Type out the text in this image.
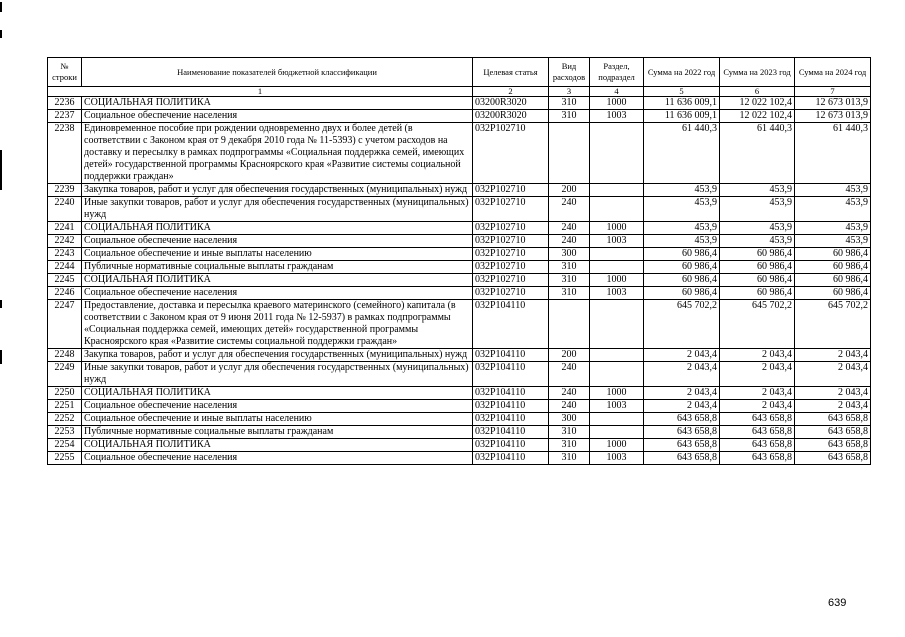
№ строки	Наименование показателей бюджетной классификации	Целевая статья	Вид расходов	Раздел, подраздел	Сумма на 2022 год	Сумма на 2023 год	Сумма на 2024 год
1		2	3	4	5	6	7
2236	СОЦИАЛЬНАЯ ПОЛИТИКА	03200R3020	310	1000	11 636 009,1	12 022 102,4	12 673 013,9
2237	Социальное обеспечение населения	03200R3020	310	1003	11 636 009,1	12 022 102,4	12 673 013,9
2238	Единовременное пособие при рождении одновременно двух и более детей (в соответствии с Законом края от 9 декабря 2010 года № 11-5393) с учетом расходов на доставку и пересылку в рамках подпрограммы «Социальная поддержка семей, имеющих детей» государственной программы Красноярского края «Развитие системы социальной поддержки граждан»	032P102710			61 440,3	61 440,3	61 440,3
2239	Закупка товаров, работ и услуг для обеспечения государственных (муниципальных) нужд	032P102710	200		453,9	453,9	453,9
2240	Иные закупки товаров, работ и услуг для обеспечения государственных (муниципальных) нужд	032P102710	240		453,9	453,9	453,9
2241	СОЦИАЛЬНАЯ ПОЛИТИКА	032P102710	240	1000	453,9	453,9	453,9
2242	Социальное обеспечение населения	032P102710	240	1003	453,9	453,9	453,9
2243	Социальное обеспечение и иные выплаты населению	032P102710	300		60 986,4	60 986,4	60 986,4
2244	Публичные нормативные социальные выплаты гражданам	032P102710	310		60 986,4	60 986,4	60 986,4
2245	СОЦИАЛЬНАЯ ПОЛИТИКА	032P102710	310	1000	60 986,4	60 986,4	60 986,4
2246	Социальное обеспечение населения	032P102710	310	1003	60 986,4	60 986,4	60 986,4
2247	Предоставление, доставка и пересылка краевого материнского (семейного) капитала (в соответствии с Законом края от 9 июня 2011 года № 12-5937) в рамках подпрограммы «Социальная поддержка семей, имеющих детей» государственной программы Красноярского края «Развитие системы социальной поддержки граждан»	032P104110			645 702,2	645 702,2	645 702,2
2248	Закупка товаров, работ и услуг для обеспечения государственных (муниципальных) нужд	032P104110	200		2 043,4	2 043,4	2 043,4
2249	Иные закупки товаров, работ и услуг для обеспечения государственных (муниципальных) нужд	032P104110	240		2 043,4	2 043,4	2 043,4
2250	СОЦИАЛЬНАЯ ПОЛИТИКА	032P104110	240	1000	2 043,4	2 043,4	2 043,4
2251	Социальное обеспечение населения	032P104110	240	1003	2 043,4	2 043,4	2 043,4
2252	Социальное обеспечение и иные выплаты населению	032P104110	300		643 658,8	643 658,8	643 658,8
2253	Публичные нормативные социальные выплаты гражданам	032P104110	310		643 658,8	643 658,8	643 658,8
2254	СОЦИАЛЬНАЯ ПОЛИТИКА	032P104110	310	1000	643 658,8	643 658,8	643 658,8
2255	Социальное обеспечение населения	032P104110	310	1003	643 658,8	643 658,8	643 658,8
639
